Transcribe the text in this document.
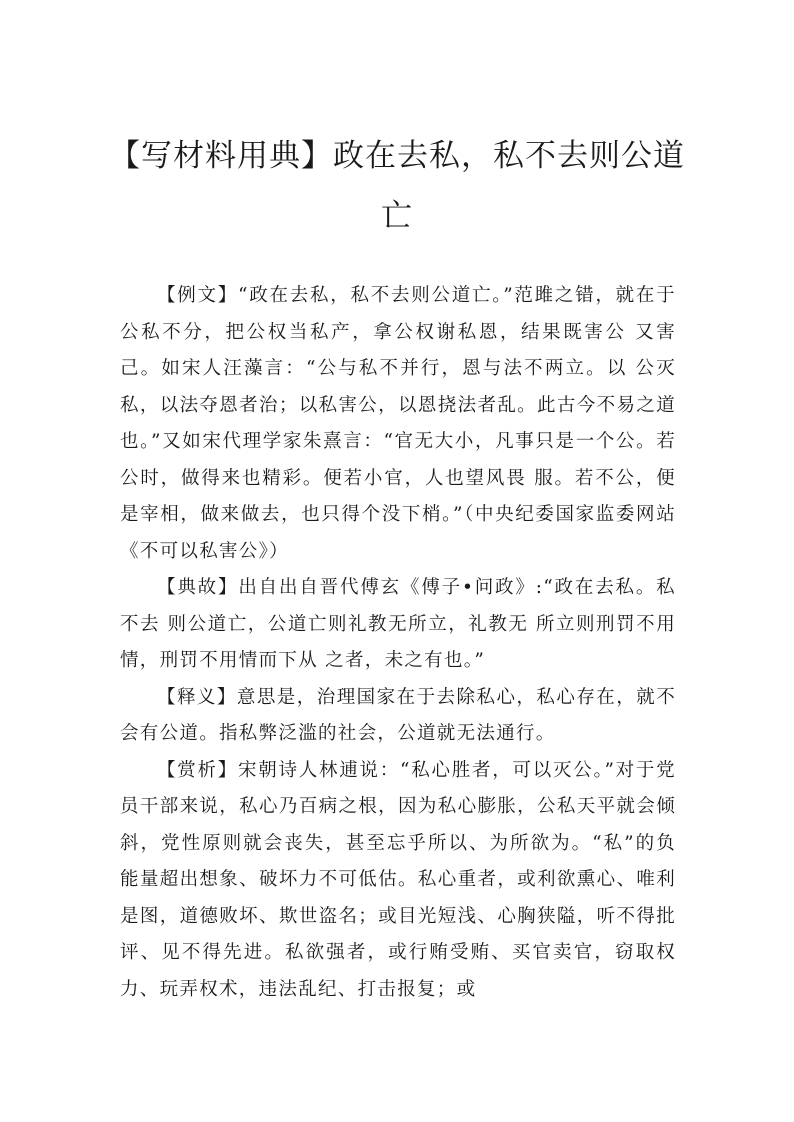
【写材料用典】政在去私，私不去则公道亡

【例文】“政在去私，私不去则公道亡。”范雎之错，就在于公私不分，把公权当私产，拿公权谢私恩，结果既害公 又害己。如宋人汪藻言：“公与私不并行，恩与法不两立。以 公灭私，以法夺恩者治；以私害公，以恩挠法者乱。此古今不易之道也。”又如宋代理学家朱熹言：“官无大小，凡事只是一个公。若公时，做得来也精彩。便若小官，人也望风畏 服。若不公，便是宰相，做来做去，也只得个没下梢。”（中央纪委国家监委网站《不可以私害公》）

【典故】出自出自晋代傅玄《傅子•问政》:“政在去私。私不去 则公道亡，公道亡则礼教无所立，礼教无 所立则刑罚不用情，刑罚不用情而下从 之者，未之有也。”

【释义】意思是，治理国家在于去除私心，私心存在，就不会有公道。指私弊泛滥的社会，公道就无法通行。

【赏析】宋朝诗人林逋说：“私心胜者，可以灭公。”对于党员干部来说，私心乃百病之根，因为私心膨胀，公私天平就会倾斜，党性原则就会丧失，甚至忘乎所以、为所欲为。“私”的负能量超出想象、破坏力不可低估。私心重者，或利欲熏心、唯利是图，道德败坏、欺世盗名；或目光短浅、心胸狭隘，听不得批评、见不得先进。私欲强者，或行贿受贿、买官卖官，窃取权力、玩弄权术，违法乱纪、打击报复；或
